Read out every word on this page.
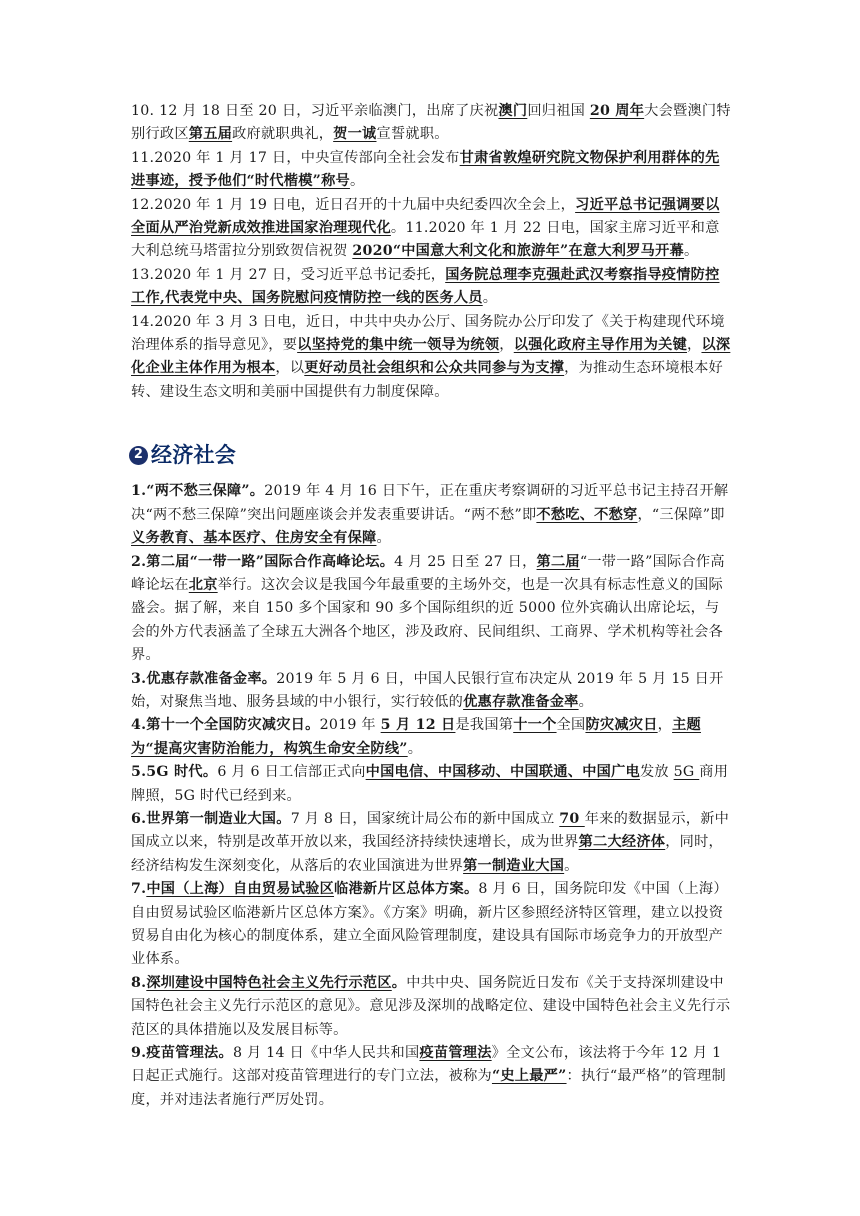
10. 12 月 18 日至 20 日，习近平亲临澳门，出席了庆祝澳门回归祖国 20 周年大会暨澳门特别行政区第五届政府就职典礼，贺一诚宣誓就职。

11.2020 年 1 月 17 日，中央宣传部向全社会发布甘肃省敦煌研究院文物保护利用群体的先进事迹，授予他们“时代楷模”称号。

12.2020 年 1 月 19 日电，近日召开的十九届中央纪委四次全会上，习近平总书记强调要以全面从严治党新成效推进国家治理现代化。11.2020 年 1 月 22 日电，国家主席习近平和意大利总统马塔雷拉分别致贺信祝贺 2020“中国意大利文化和旅游年”在意大利罗马开幕。13.2020 年 1 月 27 日，受习近平总书记委托，国务院总理李克强赴武汉考察指导疫情防控工作,代表党中央、国务院慰问疫情防控一线的医务人员。

14.2020 年 3 月 3 日电，近日，中共中央办公厅、国务院办公厅印发了《关于构建现代环境治理体系的指导意见》，要以坚持党的集中统一领导为统领，以强化政府主导作用为关键，以深化企业主体作用为根本，以更好动员社会组织和公众共同参与为支撑，为推动生态环境根本好转、建设生态文明和美丽中国提供有力制度保障。

2 经济社会

1.“两不愁三保障”。2019 年 4 月 16 日下午，正在重庆考察调研的习近平总书记主持召开解决“两不愁三保障”突出问题座谈会并发表重要讲话。“两不愁”即不愁吃、不愁穿，“三保障”即义务教育、基本医疗、住房安全有保障。

2.第二届“一带一路”国际合作高峰论坛。4 月 25 日至 27 日，第二届“一带一路”国际合作高峰论坛在北京举行。这次会议是我国今年最重要的主场外交，也是一次具有标志性意义的国际盛会。据了解，来自 150 多个国家和 90 多个国际组织的近 5000 位外宾确认出席论坛，与会的外方代表涵盖了全球五大洲各个地区，涉及政府、民间组织、工商界、学术机构等社会各界。

3.优惠存款准备金率。2019 年 5 月 6 日，中国人民银行宣布决定从 2019 年 5 月 15 日开始，对聚焦当地、服务县域的中小银行，实行较低的优惠存款准备金率。

4.第十一个全国防灾减灾日。2019 年 5 月 12 日是我国第十一个全国防灾减灾日，主题为“提高灾害防治能力，构筑生命安全防线”。

5.5G 时代。6 月 6 日工信部正式向中国电信、中国移动、中国联通、中国广电发放 5G 商用牌照，5G 时代已经到来。

6.世界第一制造业大国。7 月 8 日，国家统计局公布的新中国成立 70 年来的数据显示，新中国成立以来，特别是改革开放以来，我国经济持续快速增长，成为世界第二大经济体，同时，经济结构发生深刻变化，从落后的农业国演进为世界第一制造业大国。

7.中国（上海）自由贸易试验区临港新片区总体方案。8 月 6 日，国务院印发《中国（上海）自由贸易试验区临港新片区总体方案》。《方案》明确，新片区参照经济特区管理，建立以投资贸易自由化为核心的制度体系，建立全面风险管理制度，建设具有国际市场竞争力的开放型产业体系。

8.深圳建设中国特色社会主义先行示范区。中共中央、国务院近日发布《关于支持深圳建设中国特色社会主义先行示范区的意见》。意见涉及深圳的战略定位、建设中国特色社会主义先行示范区的具体措施以及发展目标等。

9.疫苗管理法。8 月 14 日《中华人民共和国疫苗管理法》全文公布，该法将于今年 12 月 1 日起正式施行。这部对疫苗管理进行的专门立法，被称为“史上最严”：执行“最严格”的管理制度，并对违法者施行严厉处罚。
